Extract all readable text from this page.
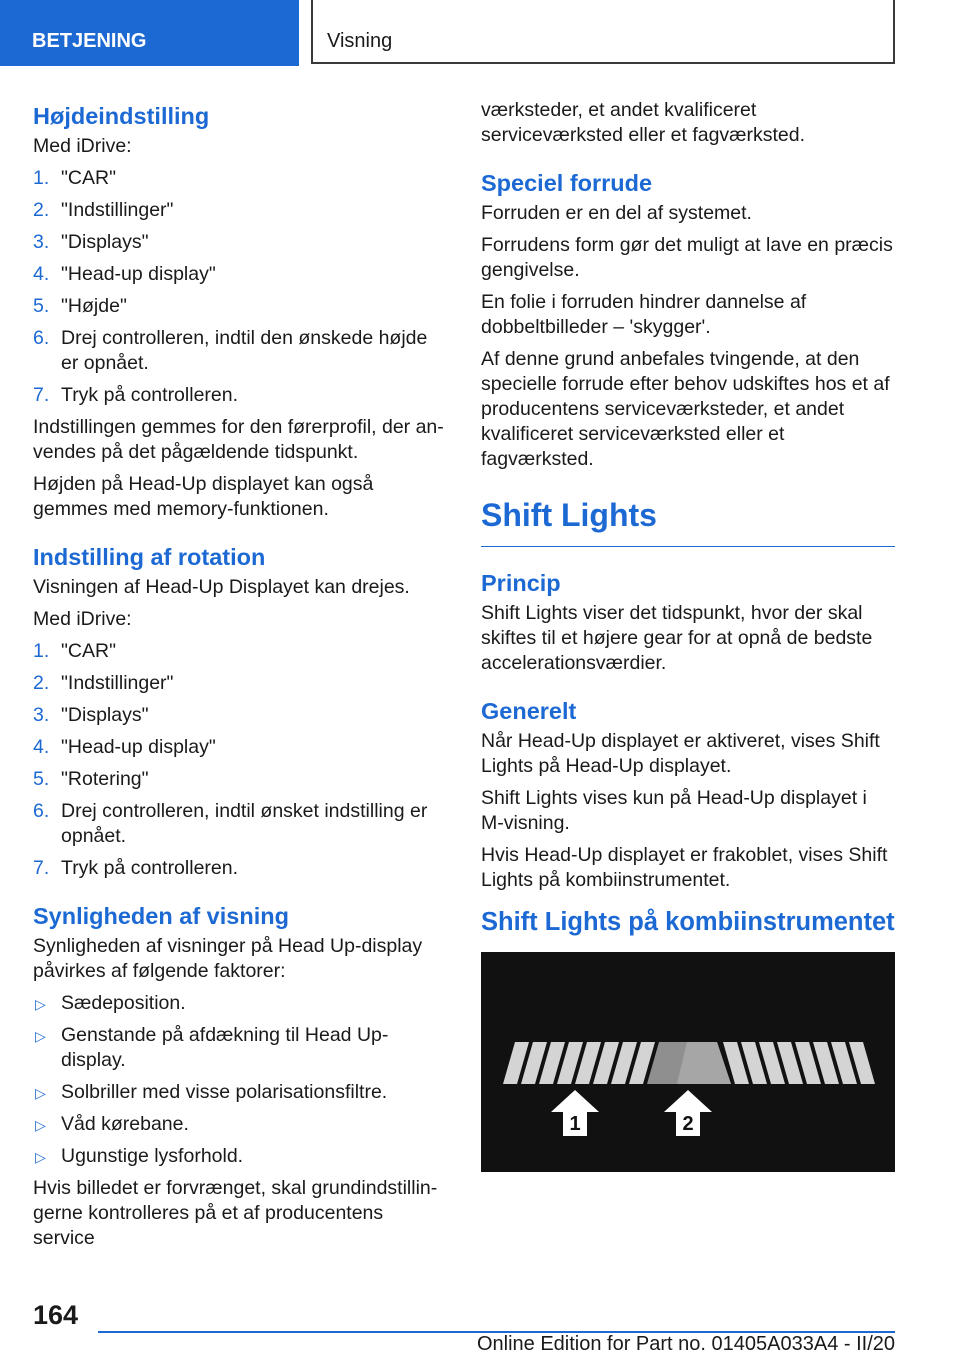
BETJENING	Visning
Højdeindstilling

Med iDrive:

1. "CAR"
2. "Indstillinger"
3. "Displays"
4. "Head-up display"
5. "Højde"
6. Drej controlleren, indtil den ønskede højde er opnået.
7. Tryk på controlleren.

Indstillingen gemmes for den førerprofil, der anvendes på det pågældende tidspunkt.

Højden på Head-Up displayet kan også gemmes med memory-funktionen.

Indstilling af rotation

Visningen af Head-Up Displayet kan drejes.

Med iDrive:

1. "CAR"
2. "Indstillinger"
3. "Displays"
4. "Head-up display"
5. "Rotering"
6. Drej controlleren, indtil ønsket indstilling er opnået.
7. Tryk på controlleren.
Synligheden af visning

Synligheden af visninger på Head Up-display påvirkes af følgende faktorer:

▷ Sædeposition.
▷ Genstande på afdækning til Head Up-display.
▷ Solbriller med visse polarisationsfiltre.
▷ Våd kørebane.
▷ Ugunstige lysforhold.

Hvis billedet er forvrænget, skal grundindstillingerne kontrolleres på et af producentens service

værksteder, et andet kvalificeret serviceværksted eller et fagværksted.

Speciel forrude

Forruden er en del af systemet.

Forrudens form gør det muligt at lave en præcis gengivelse.

En folie i forruden hindrer dannelse af dobbeltbilleder – 'skygger'.

Af denne grund anbefales tvingende, at den specielle forrude efter behov udskiftes hos et af producentens serviceværksteder, et andet kvalificeret serviceværksted eller et fagværksted.

Shift Lights
Princip

Shift Lights viser det tidspunkt, hvor der skal skiftes til et højere gear for at opnå de bedste accelerationsværdier.

Generelt

Når Head-Up displayet er aktiveret, vises Shift Lights på Head-Up displayet.

Shift Lights vises kun på Head-Up displayet i M-visning.

Hvis Head-Up displayet er frakoblet, vises Shift Lights på kombiinstrumentet.

Shift Lights på kombiinstrumentet
1	2
164
Online Edition for Part no. 01405A033A4 - II/20
